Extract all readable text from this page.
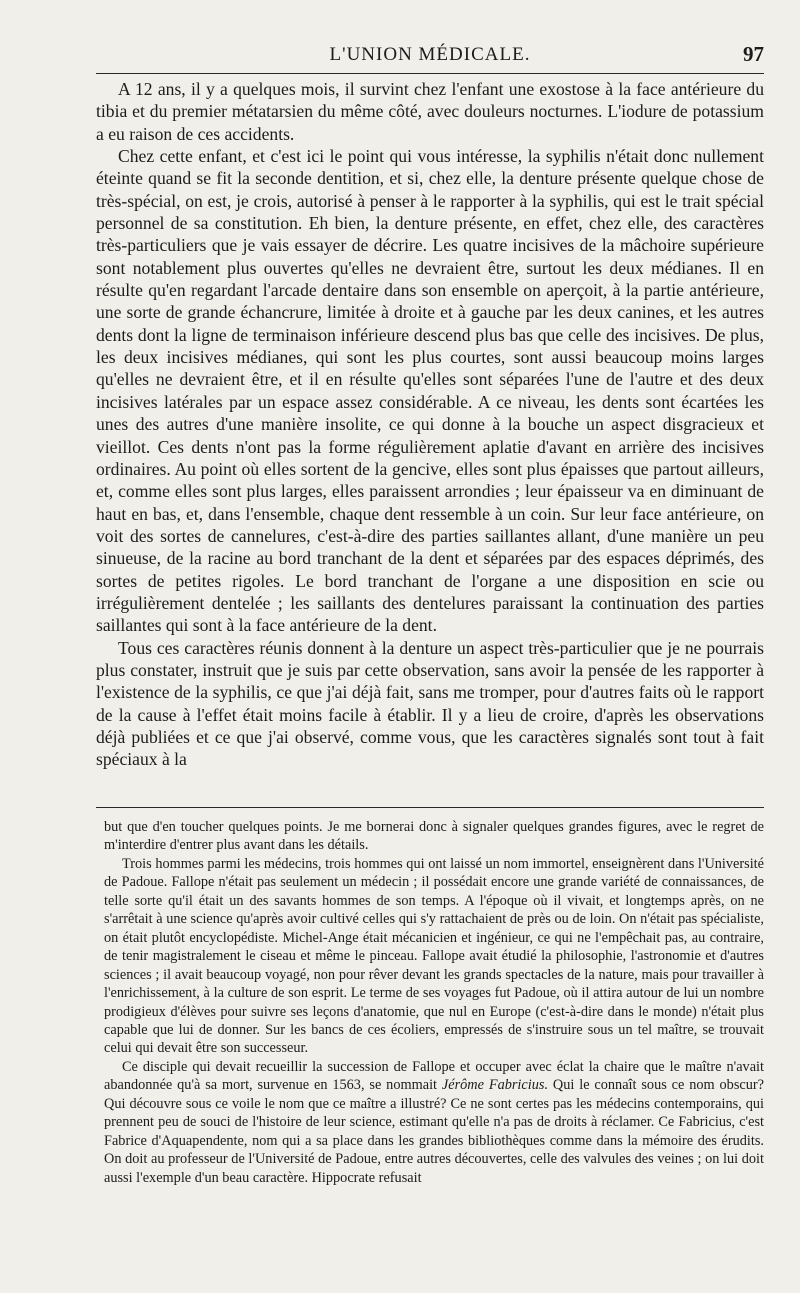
L'UNION MÉDICALE.	97

A 12 ans, il y a quelques mois, il survint chez l'enfant une exostose à la face antérieure du tibia et du premier métatarsien du même côté, avec douleurs nocturnes. L'iodure de potassium a eu raison de ces accidents.

Chez cette enfant, et c'est ici le point qui vous intéresse, la syphilis n'était donc nullement éteinte quand se fit la seconde dentition, et si, chez elle, la denture présente quelque chose de très-spécial, on est, je crois, autorisé à penser à le rapporter à la syphilis, qui est le trait spécial personnel de sa constitution. Eh bien, la denture présente, en effet, chez elle, des caractères très-particuliers que je vais essayer de décrire. Les quatre incisives de la mâchoire supérieure sont notablement plus ouvertes qu'elles ne devraient être, surtout les deux médianes. Il en résulte qu'en regardant l'arcade dentaire dans son ensemble on aperçoit, à la partie antérieure, une sorte de grande échancrure, limitée à droite et à gauche par les deux canines, et les autres dents dont la ligne de terminaison inférieure descend plus bas que celle des incisives. De plus, les deux incisives médianes, qui sont les plus courtes, sont aussi beaucoup moins larges qu'elles ne devraient être, et il en résulte qu'elles sont séparées l'une de l'autre et des deux incisives latérales par un espace assez considérable. A ce niveau, les dents sont écartées les unes des autres d'une manière insolite, ce qui donne à la bouche un aspect disgracieux et vieillot. Ces dents n'ont pas la forme régulièrement aplatie d'avant en arrière des incisives ordinaires. Au point où elles sortent de la gencive, elles sont plus épaisses que partout ailleurs, et, comme elles sont plus larges, elles paraissent arrondies ; leur épaisseur va en diminuant de haut en bas, et, dans l'ensemble, chaque dent ressemble à un coin. Sur leur face antérieure, on voit des sortes de cannelures, c'est-à-dire des parties saillantes allant, d'une manière un peu sinueuse, de la racine au bord tranchant de la dent et séparées par des espaces déprimés, des sortes de petites rigoles. Le bord tranchant de l'organe a une disposition en scie ou irrégulièrement dentelée ; les saillants des dentelures paraissant la continuation des parties saillantes qui sont à la face antérieure de la dent.

Tous ces caractères réunis donnent à la denture un aspect très-particulier que je ne pourrais plus constater, instruit que je suis par cette observation, sans avoir la pensée de les rapporter à l'existence de la syphilis, ce que j'ai déjà fait, sans me tromper, pour d'autres faits où le rapport de la cause à l'effet était moins facile à établir. Il y a lieu de croire, d'après les observations déjà publiées et ce que j'ai observé, comme vous, que les caractères signalés sont tout à fait spéciaux à la

but que d'en toucher quelques points. Je me bornerai donc à signaler quelques grandes figures, avec le regret de m'interdire d'entrer plus avant dans les détails.

Trois hommes parmi les médecins, trois hommes qui ont laissé un nom immortel, enseignèrent dans l'Université de Padoue. Fallope n'était pas seulement un médecin ; il possédait encore une grande variété de connaissances, de telle sorte qu'il était un des savants hommes de son temps. A l'époque où il vivait, et longtemps après, on ne s'arrêtait à une science qu'après avoir cultivé celles qui s'y rattachaient de près ou de loin. On n'était pas spécialiste, on était plutôt encyclopédiste. Michel-Ange était mécanicien et ingénieur, ce qui ne l'empêchait pas, au contraire, de tenir magistralement le ciseau et même le pinceau. Fallope avait étudié la philosophie, l'astronomie et d'autres sciences ; il avait beaucoup voyagé, non pour rêver devant les grands spectacles de la nature, mais pour travailler à l'enrichissement, à la culture de son esprit. Le terme de ses voyages fut Padoue, où il attira autour de lui un nombre prodigieux d'élèves pour suivre ses leçons d'anatomie, que nul en Europe (c'est-à-dire dans le monde) n'était plus capable que lui de donner. Sur les bancs de ces écoliers, empressés de s'instruire sous un tel maître, se trouvait celui qui devait être son successeur.

Ce disciple qui devait recueillir la succession de Fallope et occuper avec éclat la chaire que le maître n'avait abandonnée qu'à sa mort, survenue en 1563, se nommait Jérôme Fabricius. Qui le connaît sous ce nom obscur? Qui découvre sous ce voile le nom que ce maître a illustré? Ce ne sont certes pas les médecins contemporains, qui prennent peu de souci de l'histoire de leur science, estimant qu'elle n'a pas de droits à réclamer. Ce Fabricius, c'est Fabrice d'Aquapendente, nom qui a sa place dans les grandes bibliothèques comme dans la mémoire des érudits. On doit au professeur de l'Université de Padoue, entre autres découvertes, celle des valvules des veines ; on lui doit aussi l'exemple d'un beau caractère. Hippocrate refusait
